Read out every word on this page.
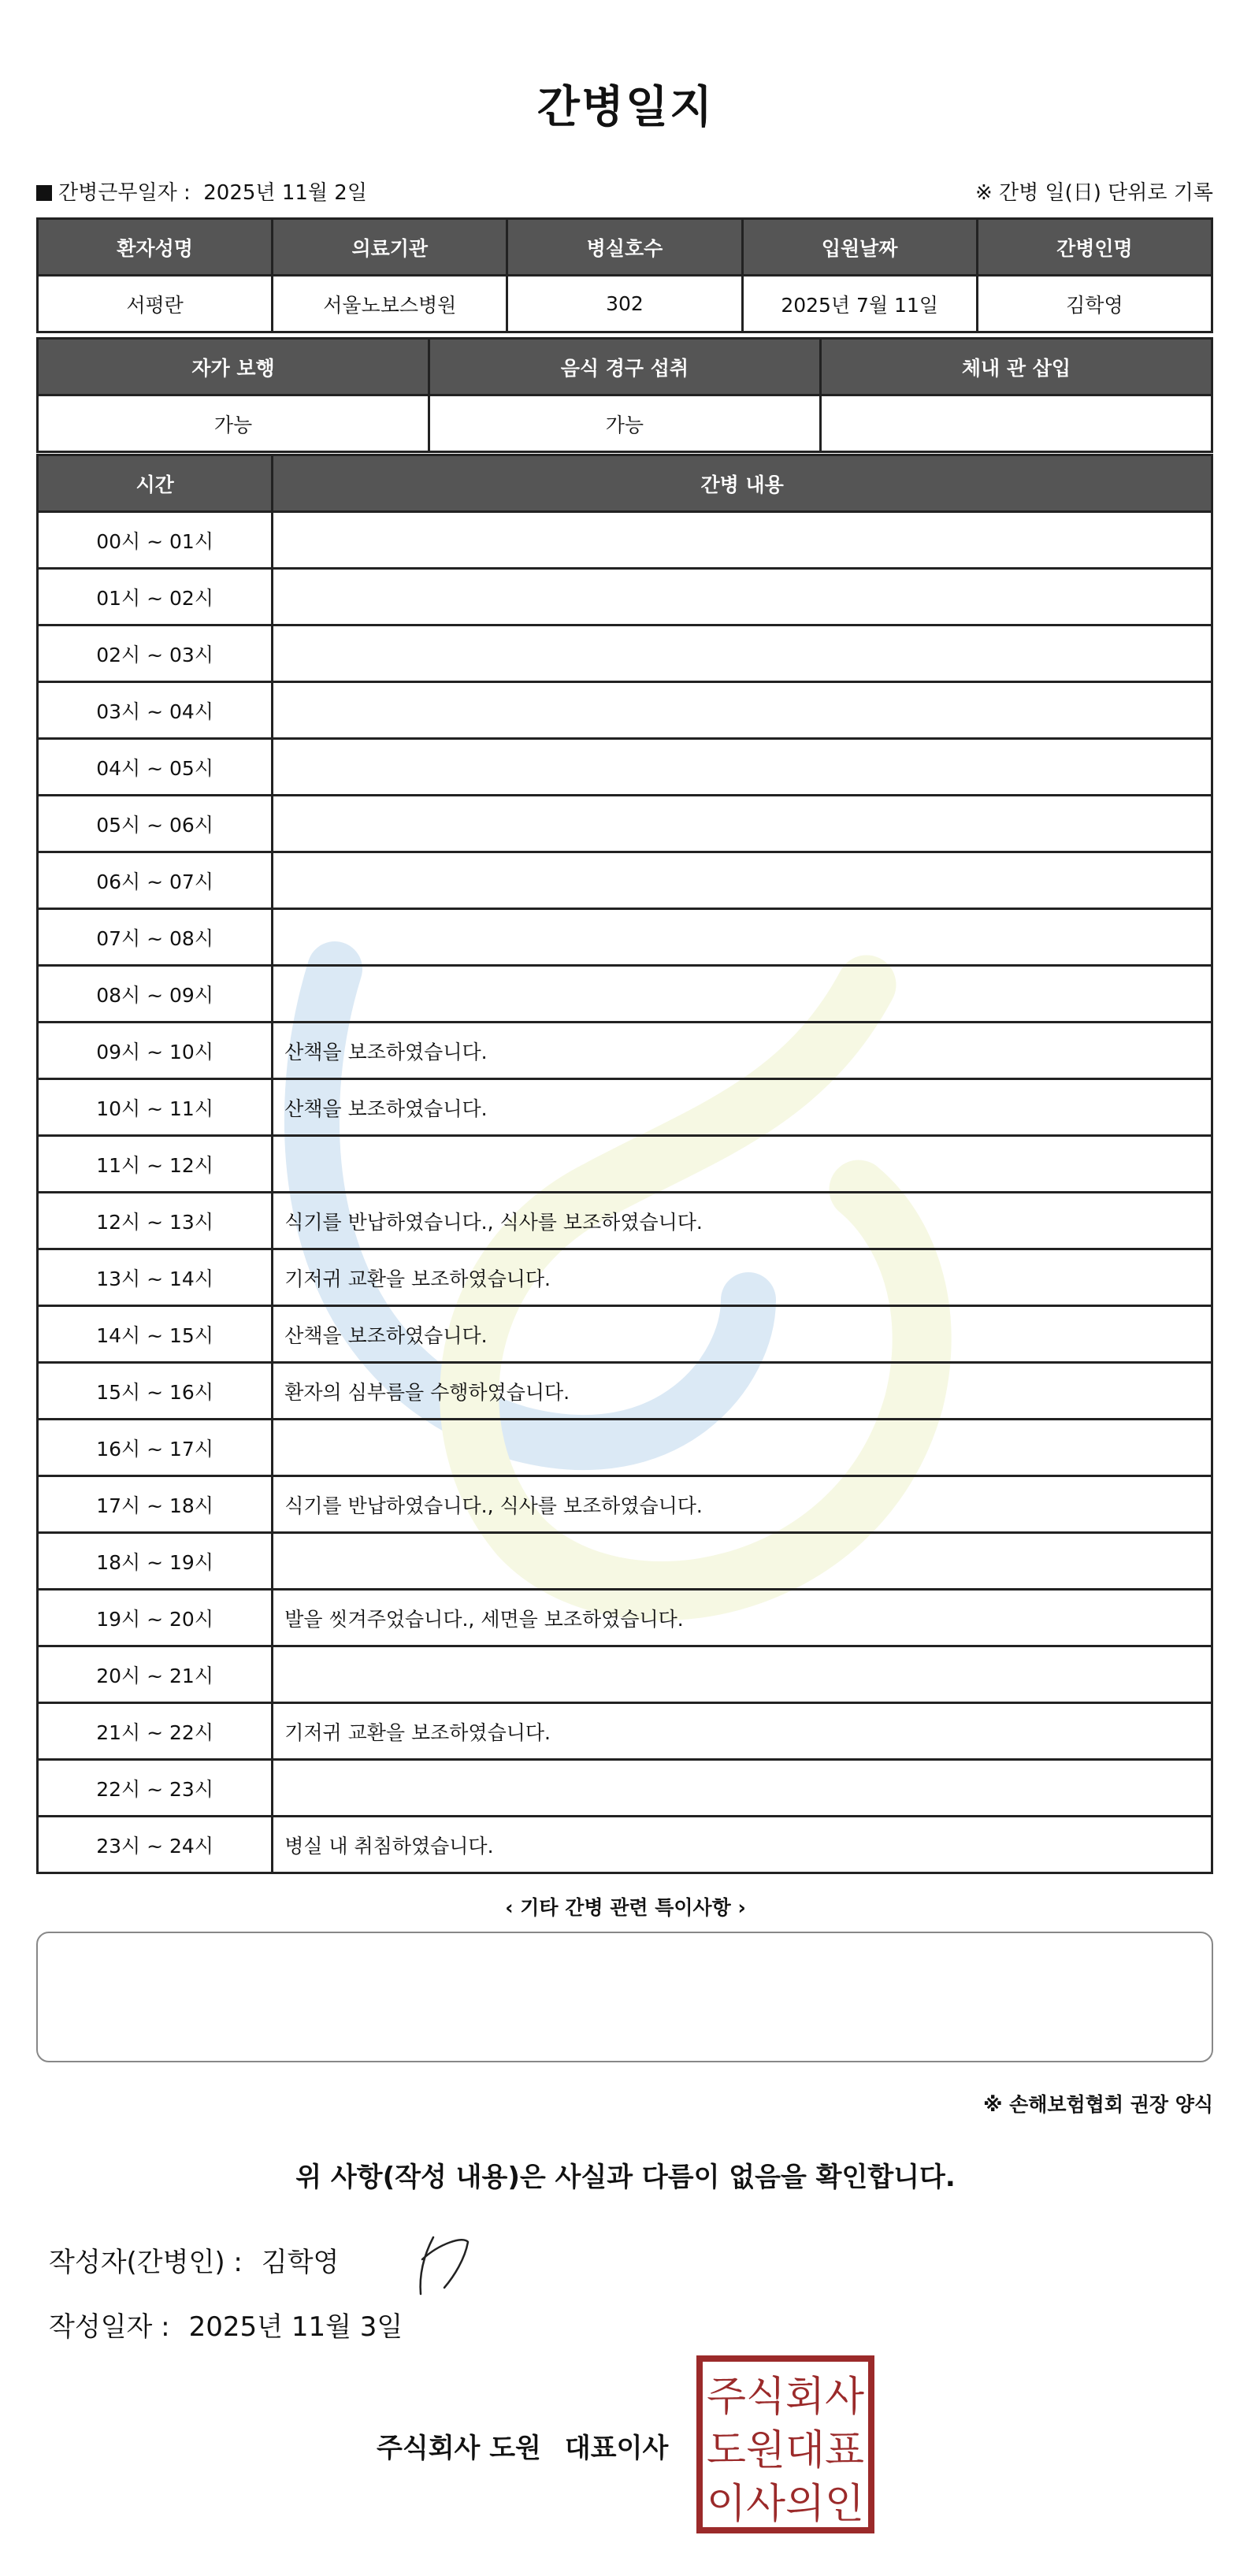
간병일지
간병근무일자 : 2025년 11월 2일	※ 간병 일(日) 단위로 기록
환자성명	의료기관	병실호수	입원날짜	간병인명
서평란	서울노보스병원	302	2025년 7월 11일	김학영
자가 보행	음식 경구 섭취	체내 관 삽입
가능	가능	
시간	간병 내용
00시 ~ 01시	
01시 ~ 02시	
02시 ~ 03시	
03시 ~ 04시	
04시 ~ 05시	
05시 ~ 06시	
06시 ~ 07시	
07시 ~ 08시	
08시 ~ 09시	
09시 ~ 10시	산책을 보조하였습니다.
10시 ~ 11시	산책을 보조하였습니다.
11시 ~ 12시	
12시 ~ 13시	식기를 반납하였습니다., 식사를 보조하였습니다.
13시 ~ 14시	기저귀 교환을 보조하였습니다.
14시 ~ 15시	산책을 보조하였습니다.
15시 ~ 16시	환자의 심부름을 수행하였습니다.
16시 ~ 17시	
17시 ~ 18시	식기를 반납하였습니다., 식사를 보조하였습니다.
18시 ~ 19시	
19시 ~ 20시	발을 씻겨주었습니다., 세면을 보조하였습니다.
20시 ~ 21시	
21시 ~ 22시	기저귀 교환을 보조하였습니다.
22시 ~ 23시	
23시 ~ 24시	병실 내 취침하였습니다.
‹ 기타 간병 관련 특이사항 ›
※ 손해보험협회 권장 양식
위 사항(작성 내용)은 사실과 다름이 없음을 확인합니다.
작성자(간병인) : 김학영
작성일자 : 2025년 11월 3일
주식회사 도원 대표이사
주식회사
도원대표
이사의인
